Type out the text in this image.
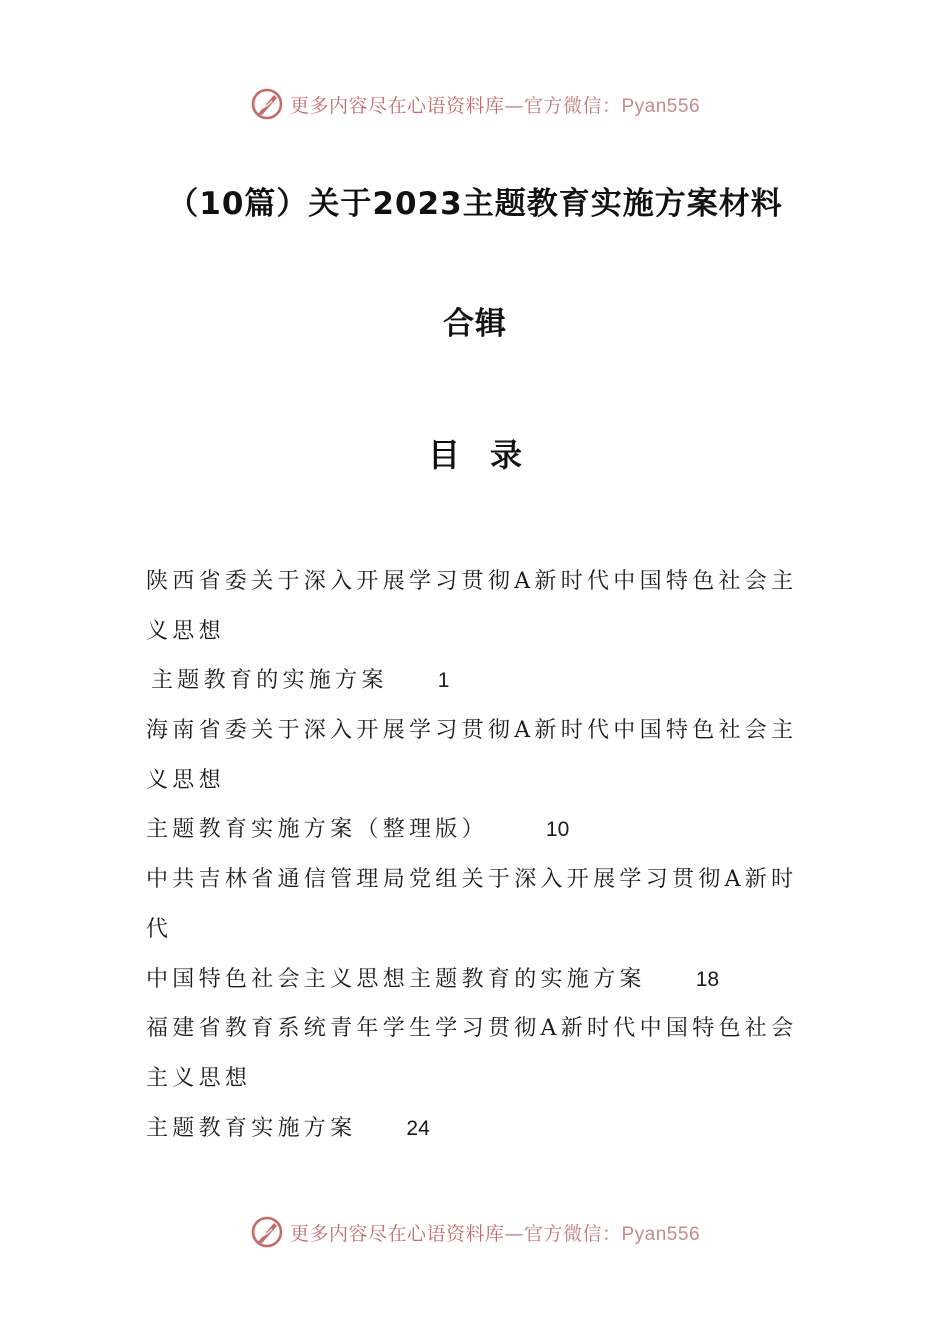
更多内容尽在心语资料库—官方微信：Pyan556
（10篇）关于2023主题教育实施方案材料
合辑
目录
陕西省委关于深入开展学习贯彻A新时代中国特色社会主
义思想
主题教育的实施方案 1
海南省委关于深入开展学习贯彻A新时代中国特色社会主
义思想
主题教育实施方案（整理版）	10
中共吉林省通信管理局党组关于深入开展学习贯彻A新时
代
中国特色社会主义思想主题教育的实施方案 18
福建省教育系统青年学生学习贯彻A新时代中国特色社会
主义思想
主题教育实施方案 24
更多内容尽在心语资料库—官方微信：Pyan556
